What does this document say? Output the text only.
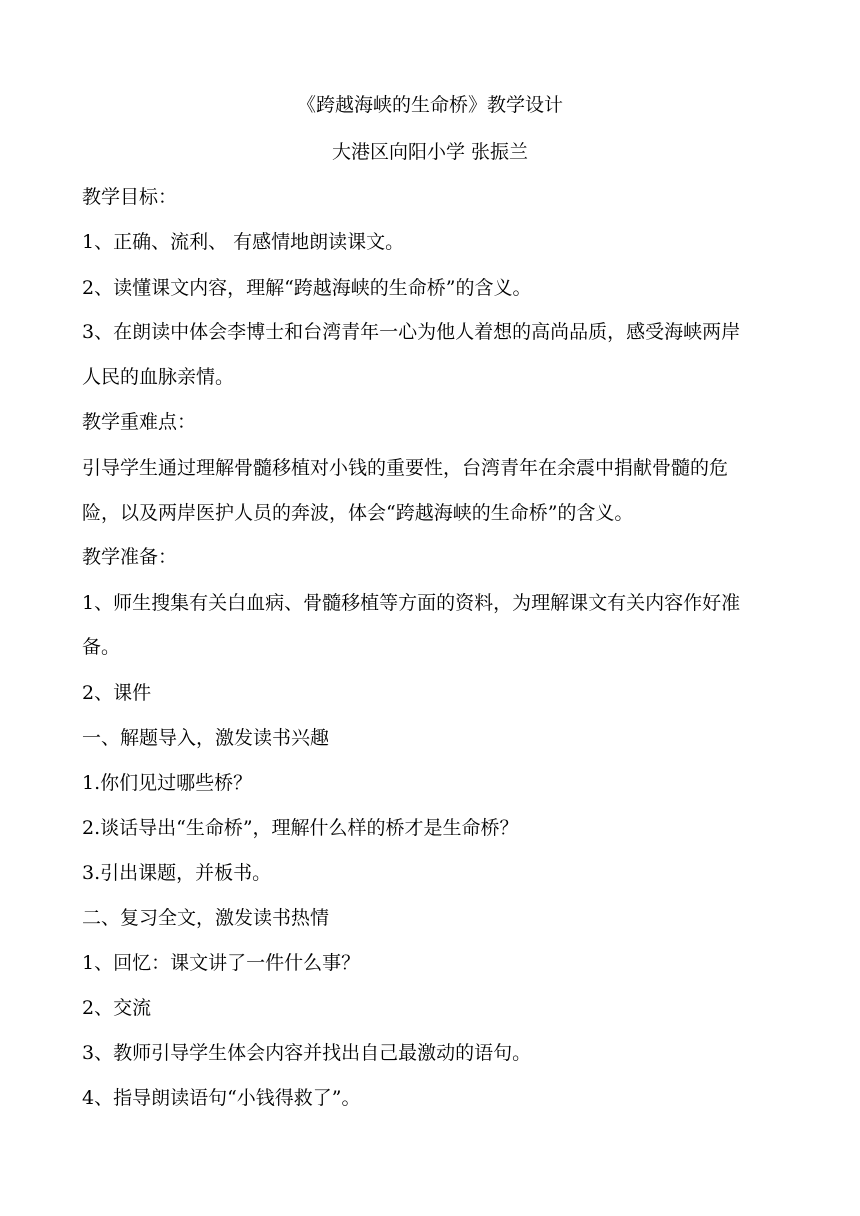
《跨越海峡的生命桥》教学设计
大港区向阳小学 张振兰
教学目标：
1、正确、流利、 有感情地朗读课文。
2、读懂课文内容，理解“跨越海峡的生命桥”的含义。
3、在朗读中体会李博士和台湾青年一心为他人着想的高尚品质，感受海峡两岸
人民的血脉亲情。
教学重难点：
引导学生通过理解骨髓移植对小钱的重要性，台湾青年在余震中捐献骨髓的危
险，以及两岸医护人员的奔波，体会“跨越海峡的生命桥”的含义。
教学准备：
1、师生搜集有关白血病、骨髓移植等方面的资料，为理解课文有关内容作好准
备。
2、课件
一、解题导入，激发读书兴趣
1.你们见过哪些桥？
2.谈话导出“生命桥”，理解什么样的桥才是生命桥？
3.引出课题，并板书。
二、复习全文，激发读书热情
1、回忆：课文讲了一件什么事？
2、交流
3、教师引导学生体会内容并找出自己最激动的语句。
4、指导朗读语句“小钱得救了”。
